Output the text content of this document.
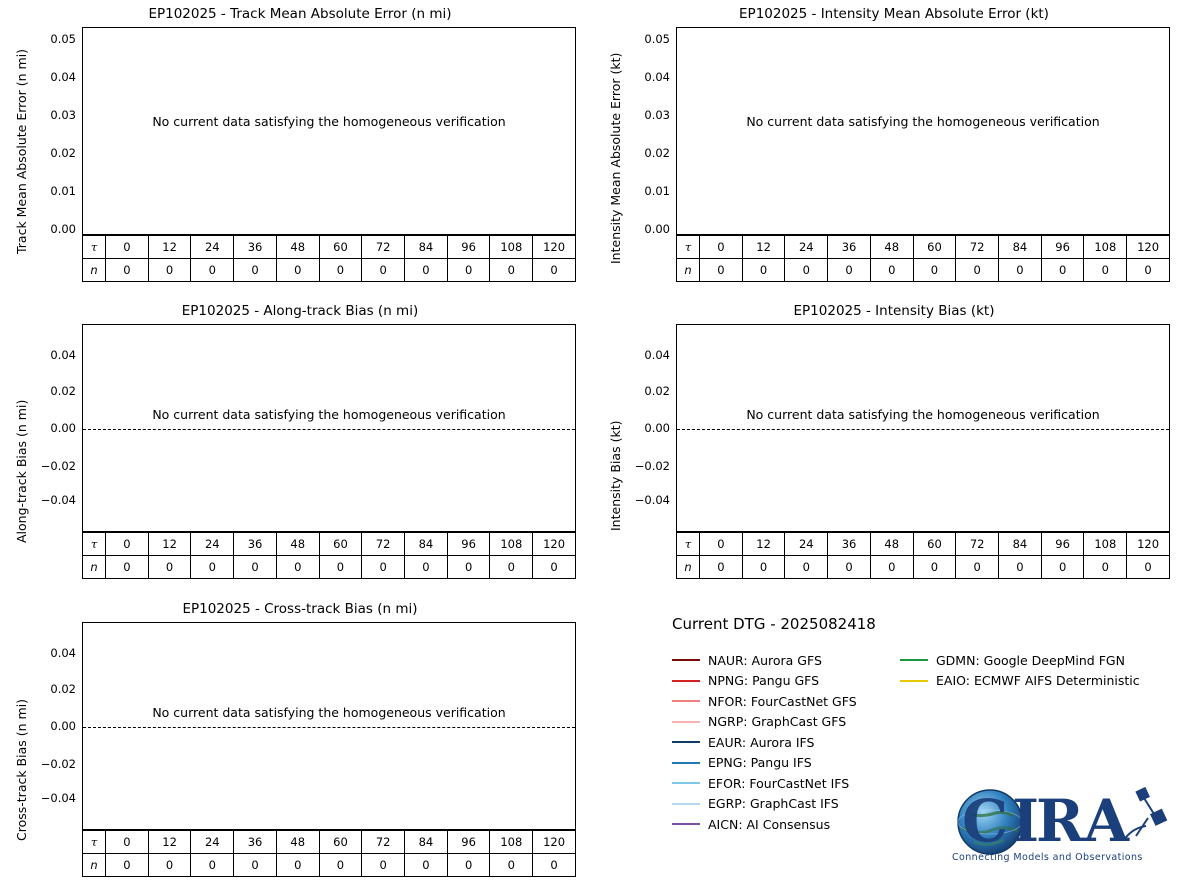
EP102025 - Track Mean Absolute Error (n mi)
Track Mean Absolute Error (n mi)	0.00
0.01
0.02
0.03
0.04
0.05
No current data satisfying the homogeneous verification
τ	0	12	24	36	48	60	72	84	96	108	120
n	0	0	0	0	0	0	0	0	0	0	0
EP102025 - Intensity Mean Absolute Error (kt)
Intensity Mean Absolute Error (kt)	0.00
0.01
0.02
0.03
0.04
0.05
No current data satisfying the homogeneous verification
τ	0	12	24	36	48	60	72	84	96	108	120
n	0	0	0	0	0	0	0	0	0	0	0
EP102025 - Along-track Bias (n mi)
Along-track Bias (n mi)	−0.04
−0.02
0.00
0.02
0.04
No current data satisfying the homogeneous verification
τ	0	12	24	36	48	60	72	84	96	108	120
n	0	0	0	0	0	0	0	0	0	0	0
EP102025 - Intensity Bias (kt)
Intensity Bias (kt)	−0.04
−0.02
0.00
0.02
0.04
No current data satisfying the homogeneous verification
τ	0	12	24	36	48	60	72	84	96	108	120
n	0	0	0	0	0	0	0	0	0	0	0
EP102025 - Cross-track Bias (n mi)
Cross-track Bias (n mi)	−0.04
−0.02
0.00
0.02
0.04
No current data satisfying the homogeneous verification
τ	0	12	24	36	48	60	72	84	96	108	120
n	0	0	0	0	0	0	0	0	0	0	0
Current DTG - 2025082418
NAUR: Aurora GFS
NPNG: Pangu GFS
NFOR: FourCastNet GFS
NGRP: GraphCast GFS
EAUR: Aurora IFS
EPNG: Pangu IFS
EFOR: FourCastNet IFS
EGRP: GraphCast IFS
AICN: AI Consensus
GDMN: Google DeepMind FGN
EAIO: ECMWF AIFS Deterministic
C I
R A
Connecting Models and Observations
